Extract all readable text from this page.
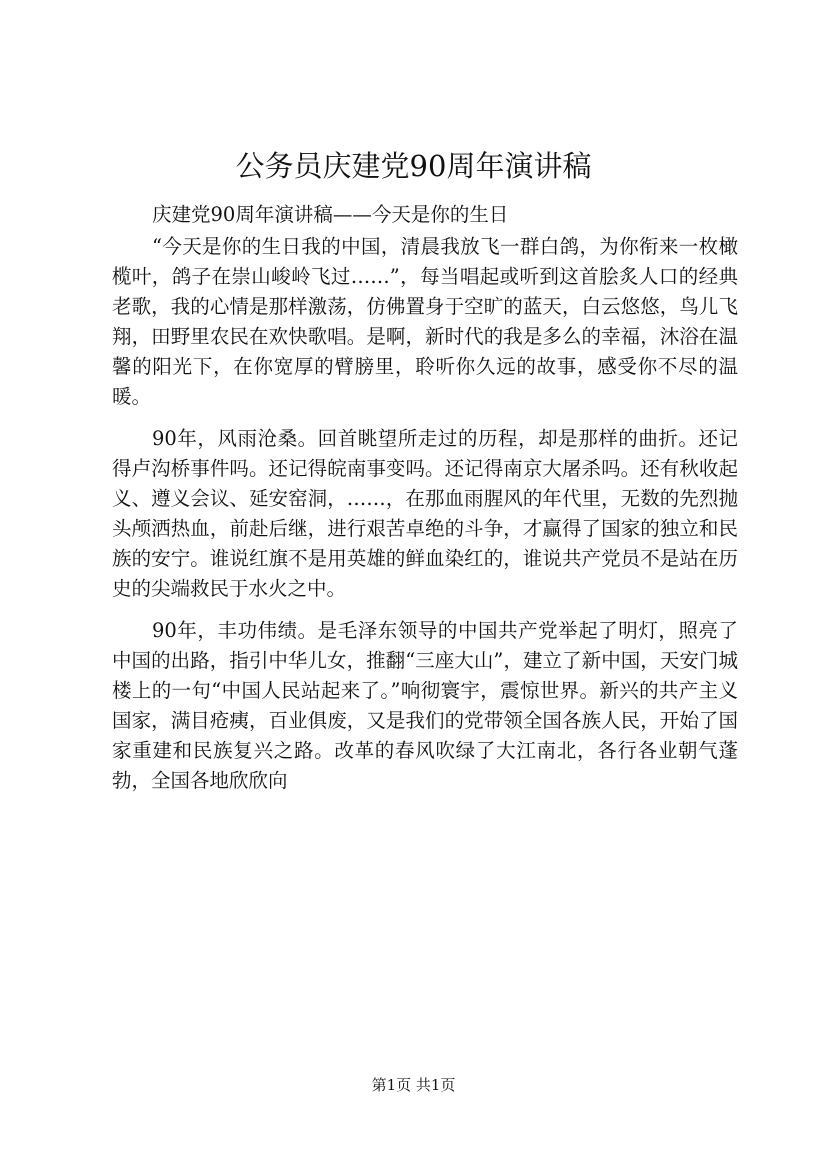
公务员庆建党90周年演讲稿

庆建党90周年演讲稿——今天是你的生日

“今天是你的生日我的中国，清晨我放飞一群白鸽，为你衔来一枚橄榄叶，鸽子在崇山峻岭飞过……”，每当唱起或听到这首脍炙人口的经典老歌，我的心情是那样激荡，仿佛置身于空旷的蓝天，白云悠悠，鸟儿飞翔，田野里农民在欢快歌唱。是啊，新时代的我是多么的幸福，沐浴在温馨的阳光下，在你宽厚的臂膀里，聆听你久远的故事，感受你不尽的温暖。

90年，风雨沧桑。回首眺望所走过的历程，却是那样的曲折。还记得卢沟桥事件吗。还记得皖南事变吗。还记得南京大屠杀吗。还有秋收起义、遵义会议、延安窑洞，……，在那血雨腥风的年代里，无数的先烈抛头颅洒热血，前赴后继，进行艰苦卓绝的斗争，才赢得了国家的独立和民族的安宁。谁说红旗不是用英雄的鲜血染红的，谁说共产党员不是站在历史的尖端救民于水火之中。

90年，丰功伟绩。是毛泽东领导的中国共产党举起了明灯，照亮了中国的出路，指引中华儿女，推翻“三座大山”，建立了新中国，天安门城楼上的一句“中国人民站起来了。”响彻寰宇，震惊世界。新兴的共产主义国家，满目疮痍，百业俱废，又是我们的党带领全国各族人民，开始了国家重建和民族复兴之路。改革的春风吹绿了大江南北，各行各业朝气蓬勃，全国各地欣欣向

第1页 共1页
